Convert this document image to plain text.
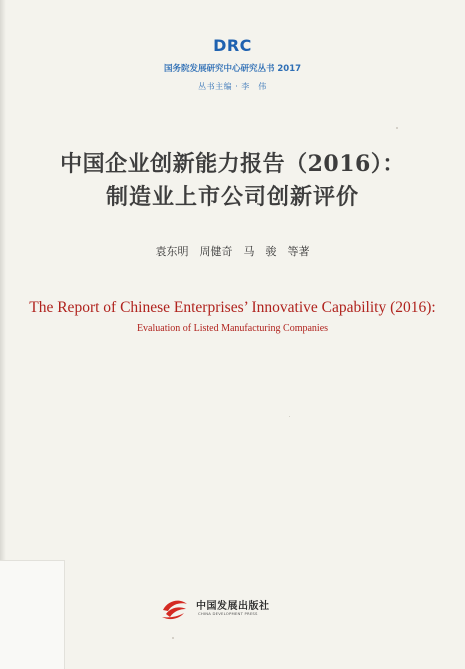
DRC
国务院发展研究中心研究丛书 2017
丛书主编 · 李　伟
中国企业创新能力报告（2016）：
制造业上市公司创新评价
袁东明　周健奇　马　骏　等著
The Report of Chinese Enterprises’ Innovative Capability (2016):
Evaluation of Listed Manufacturing Companies
中国发展出版社
CHINA DEVELOPMENT PRESS
